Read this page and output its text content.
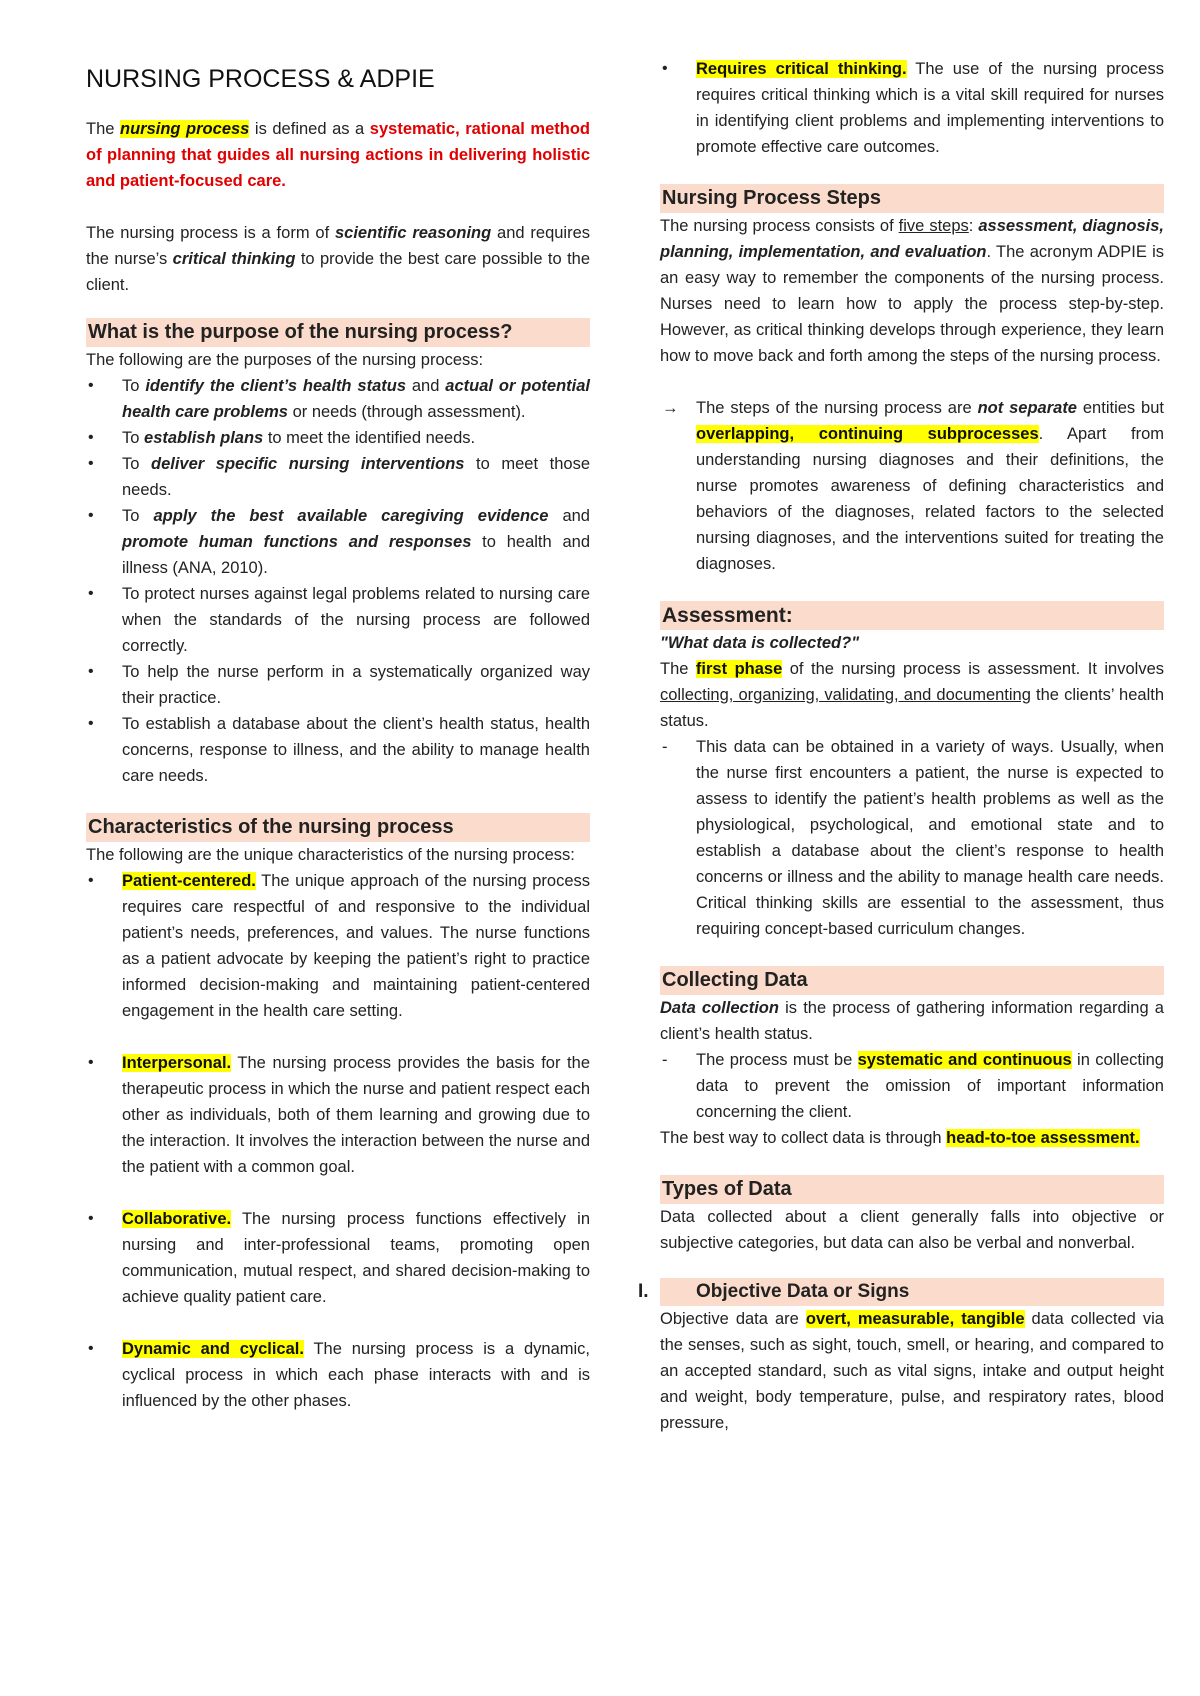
NURSING PROCESS & ADPIE

The nursing process is defined as a systematic, rational method of planning that guides all nursing actions in delivering holistic and patient-focused care.

The nursing process is a form of scientific reasoning and requires the nurse’s critical thinking to provide the best care possible to the client.

What is the purpose of the nursing process?

The following are the purposes of the nursing process:

• To identify the client’s health status and actual or potential health care problems or needs (through assessment).
• To establish plans to meet the identified needs.
• To deliver specific nursing interventions to meet those needs.
• To apply the best available caregiving evidence and promote human functions and responses to health and illness (ANA, 2010).
• To protect nurses against legal problems related to nursing care when the standards of the nursing process are followed correctly.
• To help the nurse perform in a systematically organized way their practice.
• To establish a database about the client’s health status, health concerns, response to illness, and the ability to manage health care needs.
Characteristics of the nursing process

The following are the unique characteristics of the nursing process:

• Patient-centered. The unique approach of the nursing process requires care respectful of and responsive to the individual patient’s needs, preferences, and values. The nurse functions as a patient advocate by keeping the patient’s right to practice informed decision-making and maintaining patient-centered engagement in the health care setting.
• Interpersonal. The nursing process provides the basis for the therapeutic process in which the nurse and patient respect each other as individuals, both of them learning and growing due to the interaction. It involves the interaction between the nurse and the patient with a common goal.
• Collaborative. The nursing process functions effectively in nursing and inter-professional teams, promoting open communication, mutual respect, and shared decision-making to achieve quality patient care.
• Dynamic and cyclical. The nursing process is a dynamic, cyclical process in which each phase interacts with and is influenced by the other phases.
• Requires critical thinking. The use of the nursing process requires critical thinking which is a vital skill required for nurses in identifying client problems and implementing interventions to promote effective care outcomes.
Nursing Process Steps

The nursing process consists of five steps: assessment, diagnosis, planning, implementation, and evaluation. The acronym ADPIE is an easy way to remember the components of the nursing process. Nurses need to learn how to apply the process step-by-step. However, as critical thinking develops through experience, they learn how to move back and forth among the steps of the nursing process.

→ The steps of the nursing process are not separate entities but overlapping, continuing subprocesses. Apart from understanding nursing diagnoses and their definitions, the nurse promotes awareness of defining characteristics and behaviors of the diagnoses, related factors to the selected nursing diagnoses, and the interventions suited for treating the diagnoses.
Assessment:

"What data is collected?"

The first phase of the nursing process is assessment. It involves collecting, organizing, validating, and documenting the clients’ health status.

- This data can be obtained in a variety of ways. Usually, when the nurse first encounters a patient, the nurse is expected to assess to identify the patient’s health problems as well as the physiological, psychological, and emotional state and to establish a database about the client’s response to health concerns or illness and the ability to manage health care needs. Critical thinking skills are essential to the assessment, thus requiring concept-based curriculum changes.
Collecting Data

Data collection is the process of gathering information regarding a client’s health status.

- The process must be systematic and continuous in collecting data to prevent the omission of important information concerning the client.

The best way to collect data is through head-to-toe assessment.

Types of Data

Data collected about a client generally falls into objective or subjective categories, but data can also be verbal and nonverbal.

I.	Objective Data or Signs

Objective data are overt, measurable, tangible data collected via the senses, such as sight, touch, smell, or hearing, and compared to an accepted standard, such as vital signs, intake and output height and weight, body temperature, pulse, and respiratory rates, blood pressure,
